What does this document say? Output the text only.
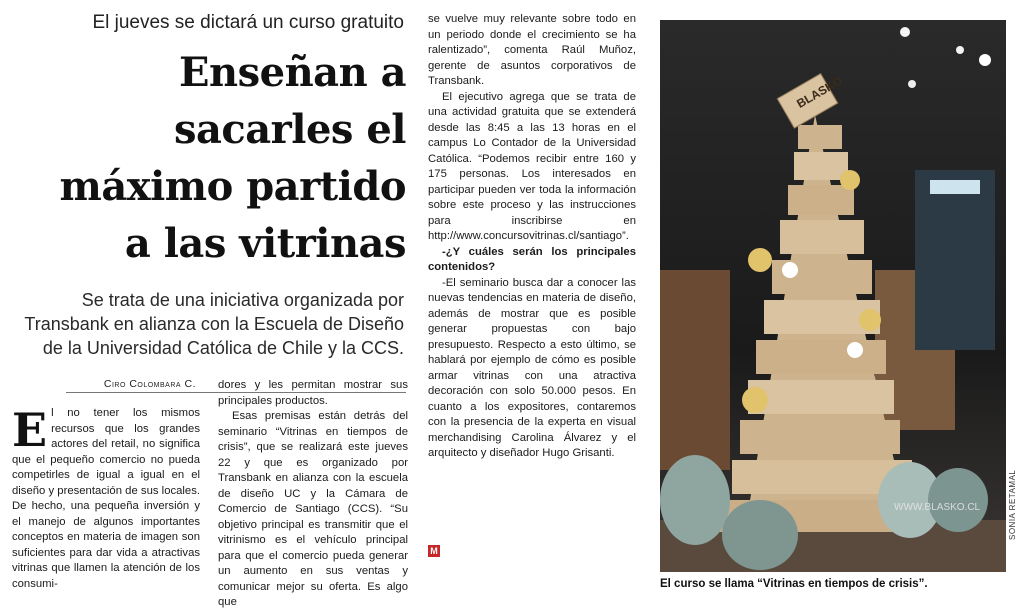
El jueves se dictará un curso gratuito
Enseñan a
sacarles el
máximo partido
a las vitrinas
Se trata de una iniciativa organizada por Transbank en alianza con la Escuela de Diseño de la Universidad Católica de Chile y la CCS.
Ciro Colombara C.
E l no tener los mismos recursos que los grandes actores del retail, no significa que el pequeño comercio no pueda competirles de igual a igual en el diseño y presentación de sus locales. De hecho, una pequeña inversión y el manejo de algunos importantes conceptos en materia de imagen son suficientes para dar vida a atractivas vitrinas que llamen la atención de los consumi-

dores y les permitan mostrar sus principales productos.

Esas premisas están detrás del seminario “Vitrinas en tiempos de crisis”, que se realizará este jueves 22 y que es organizado por Transbank en alianza con la escuela de diseño UC y la Cámara de Comercio de Santiago (CCS). “Su objetivo principal es transmitir que el vitrinismo es el vehículo principal para que el comercio pueda generar un aumento en sus ventas y comunicar mejor su oferta. Es algo que

se vuelve muy relevante sobre todo en un periodo donde el crecimiento se ha ralentizado”, comenta Raúl Muñoz, gerente de asuntos corporativos de Transbank.

El ejecutivo agrega que se trata de una actividad gratuita que se extenderá desde las 8:45 a las 13 horas en el campus Lo Contador de la Universidad Católica. “Podemos recibir entre 160 y 175 personas. Los interesados en participar pueden ver toda la información sobre este proceso y las instrucciones para inscribirse en http://www.concursovitrinas.cl/santiago”.

-¿Y cuáles serán los principales contenidos?

-El seminario busca dar a conocer las nuevas tendencias en materia de diseño, además de mostrar que es posible generar propuestas con bajo presupuesto. Respecto a esto último, se hablará por ejemplo de cómo es posible armar vitrinas con una atractiva decoración con solo 50.000 pesos. En cuanto a los expositores, contaremos con la presencia de la experta en visual merchandising Carolina Álvarez y el arquitecto y diseñador Hugo Grisanti.

M
BLASKO
WWW.BLASKO.CL	SONIA RETAMAL
El curso se llama “Vitrinas en tiempos de crisis”.
